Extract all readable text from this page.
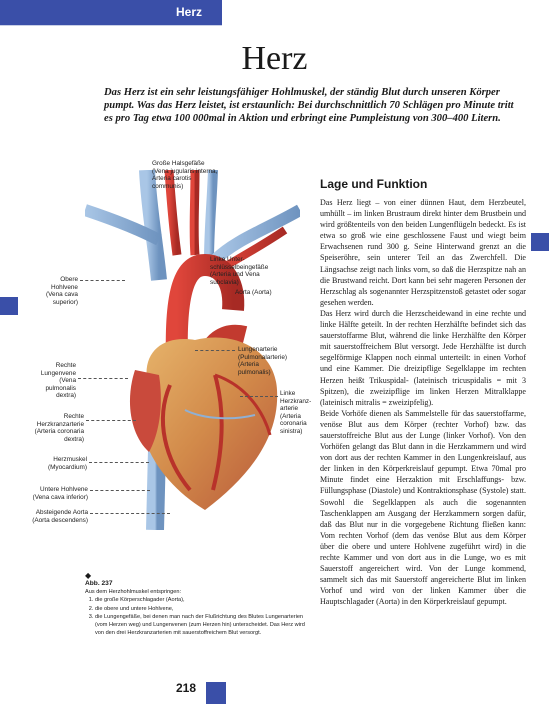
Herz
Herz
Das Herz ist ein sehr leistungsfähiger Hohlmuskel, der ständig Blut durch unseren Körper pumpt. Was das Herz leistet, ist erstaunlich: Bei durchschnittlich 70 Schlägen pro Minute tritt es pro Tag etwa 100 000mal in Aktion und erbringt eine Pumpleistung von 300–400 Litern.
Große Halsgefäße
(Vena jugularis interna,
Arteria carotis
communis)
Obere
Hohlvene
(Vena cava
superior)
Linke Unter-
schlüsselbeingefäße
(Arteria und Vena
subclavia)
Aorta (Aorta)
Lungenarterie
(Pulmonalarterie)
(Arteria
pulmonalis)
Rechte
Lungenvene
(Vena
pulmonalis
dextra)
Rechte
Herzkranzarterie
(Arteria coronaria
dextra)
Linke
Herzkranz-
arterie
(Arteria
coronaria
sinistra)
Herzmuskel
(Myocardium)
Untere Hohlvene
(Vena cava inferior)
Absteigende Aorta
(Aorta descendens)
Lage und Funktion
Das Herz liegt – von einer dünnen Haut, dem Herzbeutel, umhüllt – im linken Brustraum direkt hinter dem Brustbein und wird größtenteils von den beiden Lungenflügeln bedeckt. Es ist etwa so groß wie eine geschlossene Faust und wiegt beim Erwachsenen rund 300 g. Seine Hinterwand grenzt an die Speiseröhre, sein unterer Teil an das Zwerchfell. Die Längsachse zeigt nach links vorn, so daß die Herzspitze nah an die Brustwand reicht. Dort kann bei sehr mageren Personen der Herzschlag als sogenannter Herzspitzenstoß getastet oder sogar gesehen werden.
Das Herz wird durch die Herzscheidewand in eine rechte und linke Hälfte geteilt. In der rechten Herzhälfte befindet sich das sauerstoffarme Blut, während die linke Herzhälfte den Körper mit sauerstoffreichem Blut versorgt. Jede Herzhälfte ist durch segelförmige Klappen noch einmal unterteilt: in einen Vorhof und eine Kammer. Die dreizipflige Segelklappe im rechten Herzen heißt Trikuspidal- (lateinisch tricuspidalis = mit 3 Spitzen), die zweizipflige im linken Herzen Mitralklappe (lateinisch mitralis = zweizipfelig).
Beide Vorhöfe dienen als Sammelstelle für das sauerstoffarme, venöse Blut aus dem Körper (rechter Vorhof) bzw. das sauerstoffreiche Blut aus der Lunge (linker Vorhof). Von den Vorhöfen gelangt das Blut dann in die Herzkammern und wird von dort aus der rechten Kammer in den Lungenkreislauf, aus der linken in den Körperkreislauf gepumpt. Etwa 70mal pro Minute findet eine Herzaktion mit Erschlaffungs- bzw. Füllungsphase (Diastole) und Kontraktionsphase (Systole) statt. Sowohl die Segelklappen als auch die sogenannten Taschenklappen am Ausgang der Herzkammern sorgen dafür, daß das Blut nur in die vorgegebene Richtung fließen kann: Vom rechten Vorhof (dem das venöse Blut aus dem Körper über die obere und untere Hohlvene zugeführt wird) in die rechte Kammer und von dort aus in die Lunge, wo es mit Sauerstoff angereichert wird. Von der Lunge kommend, sammelt sich das mit Sauerstoff angereicherte Blut im linken Vorhof und wird von der linken Kammer über die Hauptschlagader (Aorta) in den Körperkreislauf gepumpt.
◆
Abb. 237
Aus dem Herzhohlmuskel entspringen:
1. die große Körperschlagader (Aorta),
2. die obere und untere Hohlvene,
3. die Lungengefäße, bei denen man nach der Flußrichtung des Blutes Lungenarterien (vom Herzen weg) und Lungenvenen (zum Herzen hin) unterscheidet. Das Herz wird von den drei Herzkranzarterien mit sauerstoffreichem Blut versorgt.
218
